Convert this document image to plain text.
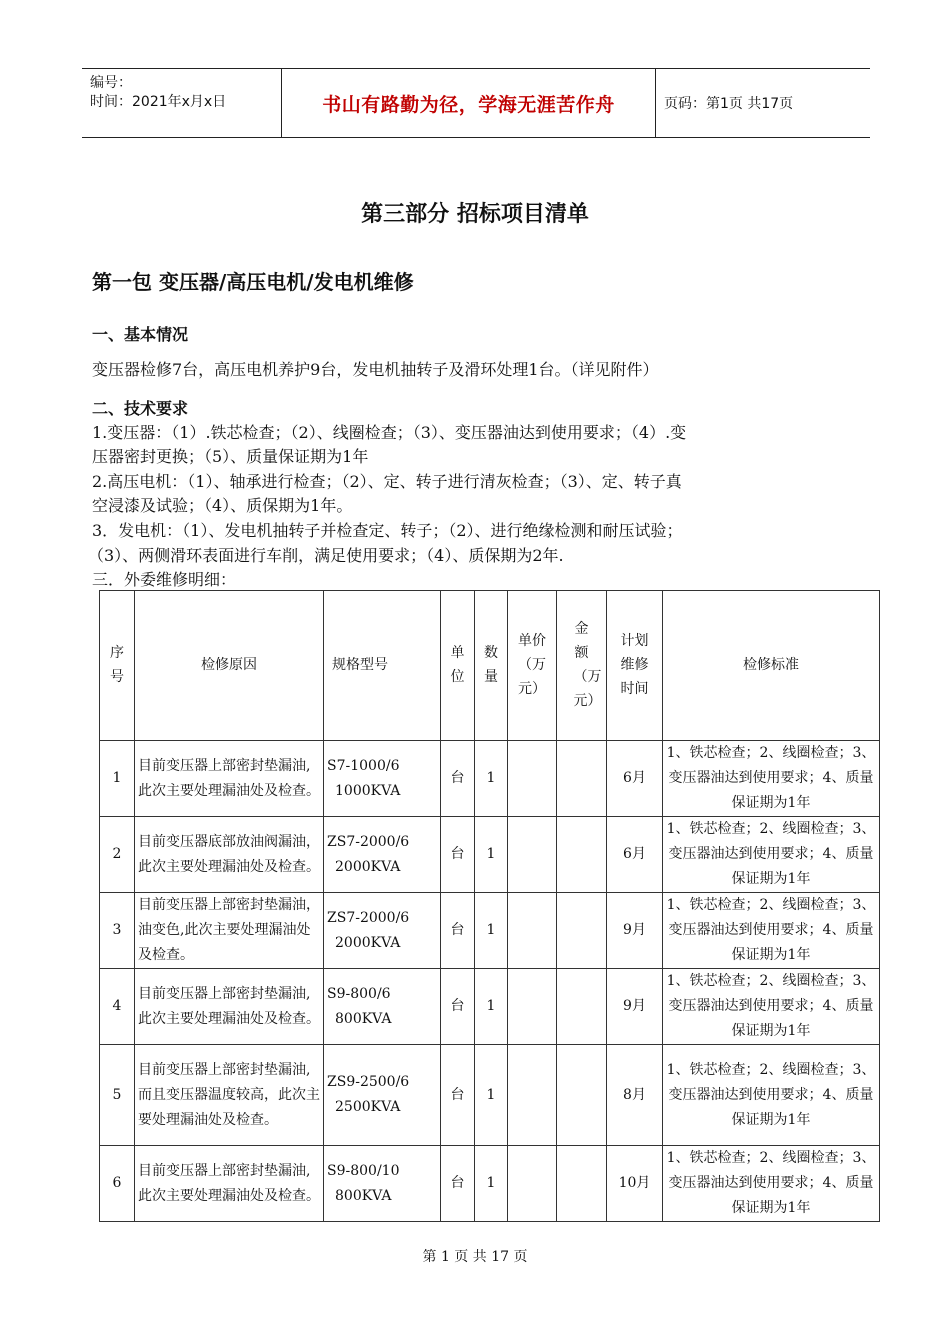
编号：
时间：2021年x月x日	书山有路勤为径，学海无涯苦作舟	页码：第1页 共17页
第三部分 招标项目清单
第一包 变压器/高压电机/发电机维修
一、基本情况
变压器检修7台，高压电机养护9台，发电机抽转子及滑环处理1台。（详见附件）
二、技术要求
1.变压器：（1）.铁芯检查；（2）、线圈检查；（3）、变压器油达到使用要求；（4）.变
压器密封更换；（5）、质量保证期为1年
2.高压电机：（1）、轴承进行检查；（2）、定、转子进行清灰检查；（3）、定、转子真
空浸漆及试验；（4）、质保期为1年。
3．发电机：（1）、发电机抽转子并检查定、转子；（2）、进行绝缘检测和耐压试验；
（3）、两侧滑环表面进行车削，满足使用要求；（4）、质保期为2年.
三．外委维修明细：
序号	检修原因	规格型号	单位	数量	单价（万元）	金额（万元）	计划维修时间	检修标准
1	目前变压器上部密封垫漏油,此次主要处理漏油处及检查。	S7-1000/6
1000KVA	台	1			6月	1、铁芯检查；2、线圈检查；3、变压器油达到使用要求；4、质量保证期为1年
2	目前变压器底部放油阀漏油，此次主要处理漏油处及检查。	ZS7-2000/6
2000KVA	台	1			6月	1、铁芯检查；2、线圈检查；3、变压器油达到使用要求；4、质量保证期为1年
3	目前变压器上部密封垫漏油，油变色,此次主要处理漏油处及检查。	ZS7-2000/6
2000KVA	台	1			9月	1、铁芯检查；2、线圈检查；3、变压器油达到使用要求；4、质量保证期为1年
4	目前变压器上部密封垫漏油,此次主要处理漏油处及检查。	S9-800/6
800KVA	台	1			9月	1、铁芯检查；2、线圈检查；3、变压器油达到使用要求；4、质量保证期为1年
5	目前变压器上部密封垫漏油,而且变压器温度较高，此次主要处理漏油处及检查。	ZS9-2500/6
2500KVA	台	1			8月	1、铁芯检查；2、线圈检查；3、变压器油达到使用要求；4、质量保证期为1年
6	目前变压器上部密封垫漏油,此次主要处理漏油处及检查。	S9-800/10
800KVA	台	1			10月	1、铁芯检查；2、线圈检查；3、变压器油达到使用要求；4、质量保证期为1年
第 1 页 共 17 页
